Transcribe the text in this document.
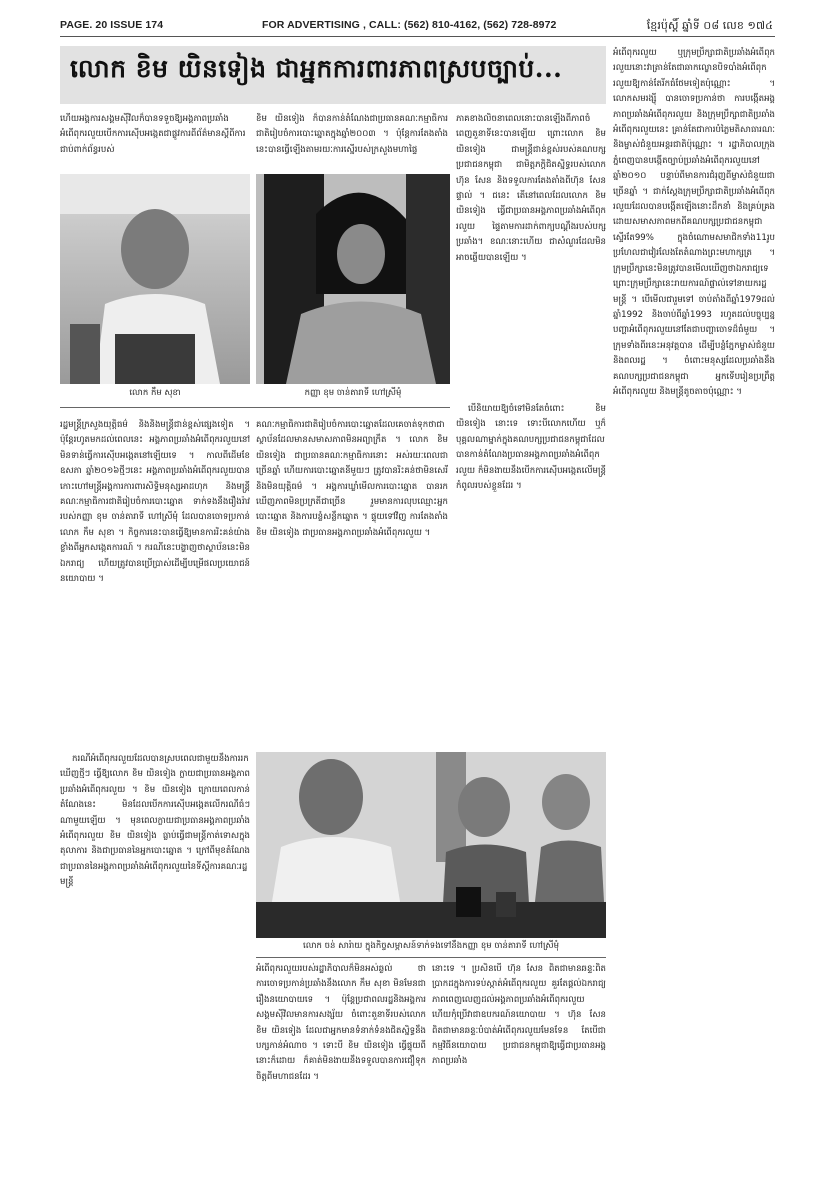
PAGE. 20 ISSUE 174	FOR ADVERTISING , CALL: (562) 810-4162, (562) 728-8972	ខ្មែរប៉ុស្តិ៍ ឆ្នាំទី ០៨ លេខ ១៧៤
លោក ខិម យិនទៀង ជាអ្នកការពារភាពស្របច្បាប់...

ហើយអង្គការសង្គមស៊ីវិលក៏បានទទួចឱ្យអង្គភាពប្រឆាំងអំពើពុករលួយបើកការស៊ើបអង្កេតជាផ្លូវការពីព័ត៌មានស្ដីពីការជាប់ពាក់ព័ន្ធរបស់

ខិម យិនទៀង ក៏បានកាន់តំណែងជាប្រធានគណៈកម្មាធិការជាតិរៀបចំការបោះឆ្នោតក្នុងឆ្នាំ២០០៣ ។ ប៉ុន្តែការតែងតាំងនេះបានធ្វើឡើងតាមរយៈការស្នើរបស់ក្រសួងមហាផ្ទៃ

លោក កឹម សុខា	កញ្ញា ខុម ចាន់តារាទី ហៅស្រីមុំ

ភាគខាងលិចនាពេលនោះបានឡើងពីភាពចំពេញតួនាទីនេះបានឡើយ ព្រោះលោក ខិម យិនទៀង ជាមន្ត្រីជាន់ខ្ពស់របស់គណបក្សប្រជាជនកម្ពុជា ជាមិត្តភក្តិជិតស្និទ្ធរបស់លោក ហ៊ុន សែន និងទទួលការតែងតាំងពីហ៊ុន សែន ផ្ទាល់ ។ ជនេះ តើនៅពេលដែលលោក ខិម យិនទៀង ធ្វើជាប្រធានអង្គភាពប្រឆាំងអំពើពុករលួយ ផ្ទៃតាមការដាក់ពាក្យបណ្ដឹងរបស់បក្សប្រឆាំង។ ខណៈនោះហើយ ជាសំណួរដែលមិនអាចឆ្លើយបានឡើយ ។

បើនិយាយឱ្យចំទៅមិនតែចំពោះ ខិម យិនទៀង នោះទេ ទោះបីលោកហើយ ឬក៏បុគ្គលណាម្នាក់ក្នុងគណបក្សប្រជាជនកម្ពុជាដែលបានកាន់តំណែងប្រធានអង្គភាពប្រឆាំងអំពើពុករលួយ ក៏មិនងាយនឹងបើកការស៊ើបអង្កេតលើមន្ត្រីកំពូលរបស់ខ្លួនដែរ ។

រដ្ឋមន្ត្រីក្រសួងយុត្តិធម៌ និងនិងមន្ត្រីជាន់ខ្ពស់ផ្សេងទៀត ។ ប៉ុន្តែរហូតមកដល់ពេលនេះ អង្គភាពប្រឆាំងអំពើពុករលួយនៅមិនទាន់ធ្វើការស៊ើបអង្កេតនៅឡើយទេ ។ កាលពីដើមខែឧសភា ឆ្នាំ២០១៦ថ្មីៗនេះ អង្គភាពប្រឆាំងអំពើពុករលួយបានកោះហៅមន្ត្រីអង្គការការពារសិទ្ធិមនុស្សអាដហុក និងមន្ត្រីគណៈកម្មាធិការជាតិរៀបចំការបោះឆ្នោត ទាក់ទងនឹងរឿងរ៉ាវរបស់កញ្ញា ខុម ចាន់តារាទី ហៅស្រីមុំ ដែលបានចោទប្រកាន់លោក កឹម សុខា ។ កិច្ចការនេះបានធ្វើឱ្យមានការរិះគន់យ៉ាងខ្លាំងពីអ្នកសង្កេតការណ៍ ។ ករណីនេះបង្ហាញថាស្ថាប័ននេះមិនឯករាជ្យ ហើយត្រូវបានប្រើប្រាស់ដើម្បីបម្រើផលប្រយោជន៍នយោបាយ ។

គណៈកម្មាធិការជាតិរៀបចំការបោះឆ្នោតដែលគេចាត់ទុកថាជាស្ថាប័នដែលមានសមាសភាពមិនអព្យាក្រឹត ។ លោក ខិម យិនទៀង ជាប្រធានគណៈកម្មាធិការនោះ អស់រយៈពេលជាច្រើនឆ្នាំ ហើយការបោះឆ្នោតនីមួយៗ ត្រូវបានរិះគន់ថាមិនសេរី និងមិនយុត្តិធម៌ ។ អង្គការឃ្លាំមើលការបោះឆ្នោត បានរកឃើញភាពមិនប្រក្រតីជាច្រើន រួមមានការលុបឈ្មោះអ្នកបោះឆ្នោត និងការបន្លំសន្លឹកឆ្នោត ។ ផ្ទុយទៅវិញ ការតែងតាំង ខិម យិនទៀង ជាប្រធានអង្គភាពប្រឆាំងអំពើពុករលួយ ។

ករណីអំពើពុករលួយដែលបានស្របពេលជាមួយនឹងការរកឃើញថ្មីៗ ធ្វើឱ្យលោក ខិម យិនទៀង ក្លាយជាប្រធានអង្គភាពប្រឆាំងអំពើពុករលួយ ។ ខិម យិនទៀង ក្រោយពេលកាន់តំណែងនេះ មិនដែលបើកការស៊ើបអង្កេតលើករណីធំៗណាមួយឡើយ ។ មុនពេលក្លាយជាប្រធានអង្គភាពប្រឆាំងអំពើពុករលួយ ខិម យិនទៀង ធ្លាប់ធ្វើជាមន្ត្រីកាត់ទោសក្នុងតុលាការ និងជាប្រធាននៃអ្នកបោះឆ្នោត ។ ក្រៅពីមុខតំណែងជាប្រធាននៃអង្គភាពប្រឆាំងអំពើពុករលួយនៃទីស្ដីការគណៈរដ្ឋមន្ត្រី

លោក ចន់ សារ៉ាយ ក្នុងកិច្ចសម្ភាសន៍ទាក់ទងទៅនឹងកញ្ញា ខុម ចាន់តារាទី ហៅស្រីមុំ

អំពើពុករលួយរបស់រដ្ឋាភិបាលក៏មិនអស់ឆ្ងល់ ថាការចោទប្រកាន់ប្រឆាំងនឹងលោក កឹម សុខា មិនមែនជារឿងនយោបាយទេ ។ ប៉ុន្តែប្រជាពលរដ្ឋនិងអង្គការសង្គមស៊ីវិលមានការសង្ស័យ ចំពោះតួនាទីរបស់លោក ខិម យិនទៀង ដែលជាអ្នកមានទំនាក់ទំនងជិតស្និទ្ធនឹងបក្សកាន់អំណាច ។ ទោះបី ខិម យិនទៀង ធ្វើផ្ទុយពីនោះក៏ដោយ ក៏គាត់មិនងាយនឹងទទួលបានការជឿទុកចិត្តពីមហាជនដែរ ។

នោះទេ ។ ប្រសិនបើ ហ៊ុន សែន ពិតជាមានឆន្ទៈពិតប្រាកដក្នុងការទប់ស្កាត់អំពើពុករលួយ គួរតែផ្តល់ឯករាជ្យភាពពេញលេញដល់អង្គភាពប្រឆាំងអំពើពុករលួយ ហើយកុំប្រើវាជាឧបករណ៍នយោបាយ ។ ហ៊ុន សែន ពិតជាមានឆន្ទៈបំបាត់អំពើពុករលួយមែនទែន តែបើជាកម្មវិធីនយោបាយ ប្រជាជនកម្ពុជាឱ្យធ្វើជាប្រធានអង្គភាពប្រឆាំង

អំពើពុករលួយ ឬក្រុមប្រឹក្សាជាតិប្រឆាំងអំពើពុករលួយនោះវាត្រាន់តែជាឆាកល្ខោនបិទបាំងអំពើពុករលួយឱ្យកាន់តែរីកធំថែមទៀតប៉ុណ្ណោះ ។ លោកសមរង្ស៊ី បានចោទប្រកាន់ថា ការបង្កើតអង្គភាពប្រឆាំងអំពើពុករលួយ និងក្រុមប្រឹក្សាជាតិប្រឆាំងអំពើពុករលួយនេះ គ្រាន់តែជាការបំភ្លៃមតិសាធារណៈ និងម្ចាស់ជំនួយអន្តរជាតិប៉ុណ្ណោះ ។ រដ្ឋាភិបាលក្រុងភ្នំពេញបានបង្កើតច្បាប់ប្រឆាំងអំពើពុករលួយនៅឆ្នាំ២០១០ បន្ទាប់ពីមានការជំរុញពីម្ចាស់ជំនួយជាច្រើនឆ្នាំ ។ ជាក់ស្ដែងក្រុមប្រឹក្សាជាតិប្រឆាំងអំពើពុករលួយដែលបានបង្កើតឡើងនោះដឹកនាំ និងគ្រប់គ្រងដោយសមាសភាពមកពីគណបក្សប្រជាជនកម្ពុជាស្ទើរតែ99% ក្នុងចំណោមសមាជិកទាំង11រូប ប្រហែលជាវៀរលែងតែតំណាងព្រះមហាក្សត្រ ។ ក្រុមប្រឹក្សានេះមិនត្រូវបានមើលឃើញថាឯករាជ្យទេ ព្រោះក្រុមប្រឹក្សានេះរាយការណ៍ផ្ទាល់ទៅនាយករដ្ឋមន្ត្រី ។ បើមើលជារួមទៅ ចាប់តាំងពីឆ្នាំ1979ដល់ឆ្នាំ1992 និងចាប់ពីឆ្នាំ1993 រហូតដល់បច្ចុប្បន្ន បញ្ហាអំពើពុករលួយនៅតែជាបញ្ហាចោទដ៏ធំមួយ ។ ក្រុមទាំងពីរនេះអនុវត្តបាន ដើម្បីបន្លំភ្នែកម្ចាស់ជំនួយ និងពលរដ្ឋ ។ ចំពោះមនុស្សដែលប្រឆាំងនឹងគណបក្សប្រជាជនកម្ពុជា អ្នកទើបរៀនប្រព្រឹត្តអំពើពុករលួយ និងមន្ត្រីតូចតាចប៉ុណ្ណោះ ។
